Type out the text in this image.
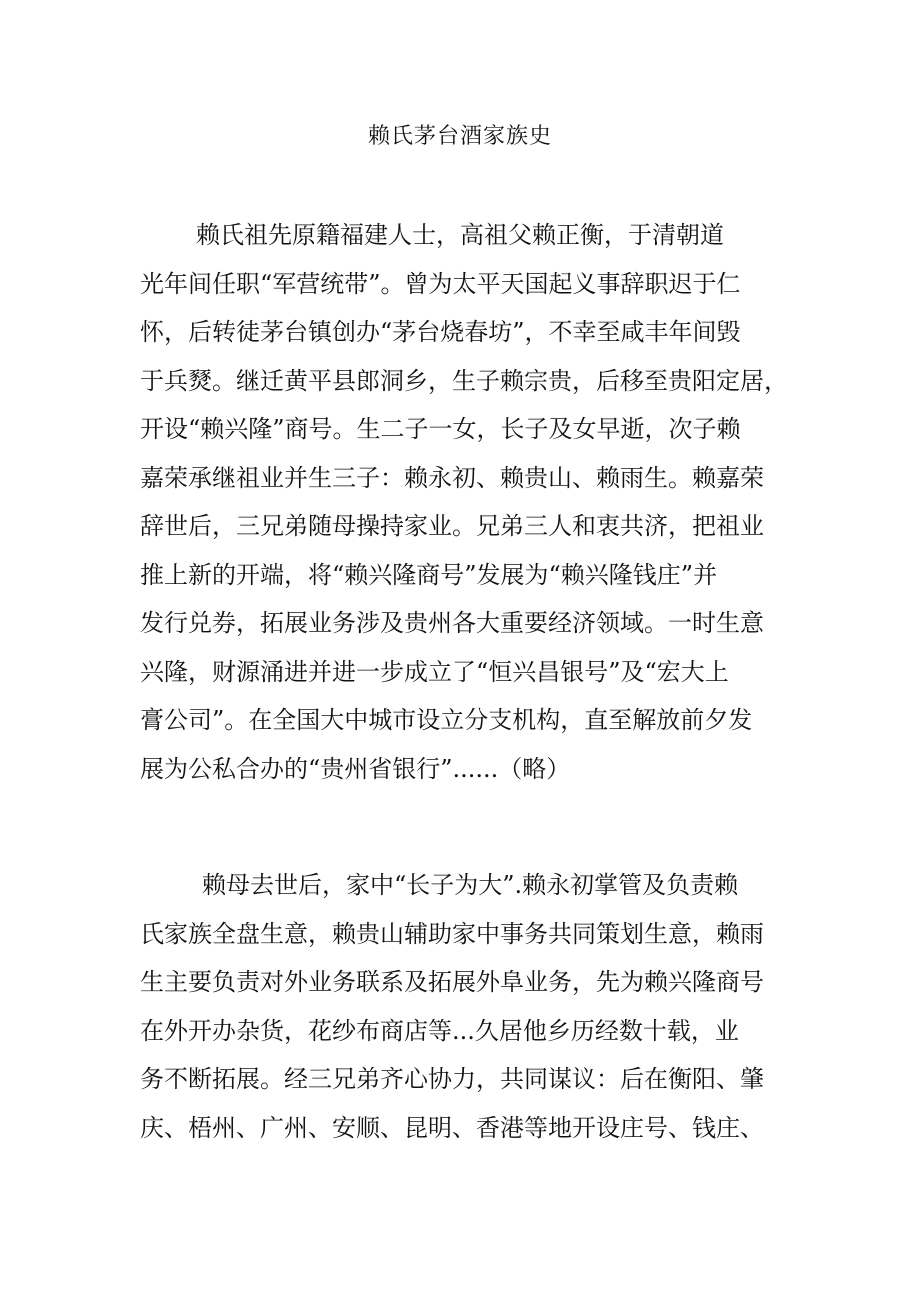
赖氏茅台酒家族史
赖氏祖先原籍福建人士，高祖父赖正衡，于清朝道
光年间任职“军营统带”。曾为太平天国起义事辞职迟于仁
怀，后转徒茅台镇创办“茅台烧春坊”，不幸至咸丰年间毁
于兵燹。继迁黄平县郎洞乡，生子赖宗贵，后移至贵阳定居，
开设“赖兴隆”商号。生二子一女，长子及女早逝，次子赖
嘉荣承继祖业并生三子：赖永初、赖贵山、赖雨生。赖嘉荣
辞世后，三兄弟随母操持家业。兄弟三人和衷共济，把祖业
推上新的开端，将“赖兴隆商号”发展为“赖兴隆钱庄”并
发行兑券，拓展业务涉及贵州各大重要经济领域。一时生意
兴隆，财源涌进并进一步成立了“恒兴昌银号”及“宏大上
膏公司”。在全国大中城市设立分支机构，直至解放前夕发
展为公私合办的“贵州省银行”......（略）
赖母去世后，家中“长子为大”.赖永初掌管及负责赖
氏家族全盘生意，赖贵山辅助家中事务共同策划生意，赖雨
生主要负责对外业务联系及拓展外阜业务，先为赖兴隆商号
在外开办杂货，花纱布商店等...久居他乡历经数十载，业
务不断拓展。经三兄弟齐心协力，共同谋议：后在衡阳、肇
庆、梧州、广州、安顺、昆明、香港等地开设庄号、钱庄、
